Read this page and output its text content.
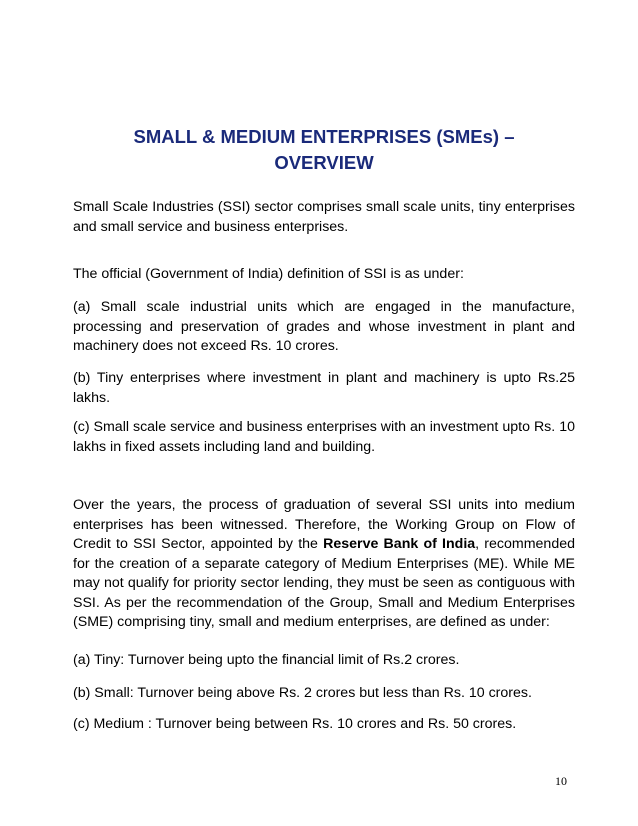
SMALL & MEDIUM ENTERPRISES (SMEs) –
OVERVIEW

Small Scale Industries (SSI) sector comprises small scale units, tiny enterprises and small service and business enterprises.

The official (Government of India) definition of SSI is as under:

(a) Small scale industrial units which are engaged in the manufacture, processing and preservation of grades and whose investment in plant and machinery does not exceed Rs. 10 crores.

(b) Tiny enterprises where investment in plant and machinery is upto Rs.25 lakhs.

(c) Small scale service and business enterprises with an investment upto Rs. 10 lakhs in fixed assets including land and building.

Over the years, the process of graduation of several SSI units into medium enterprises has been witnessed. Therefore, the Working Group on Flow of Credit to SSI Sector, appointed by the Reserve Bank of India, recommended for the creation of a separate category of Medium Enterprises (ME). While ME may not qualify for priority sector lending, they must be seen as contiguous with SSI. As per the recommendation of the Group, Small and Medium Enterprises (SME) comprising tiny, small and medium enterprises, are defined as under:

(a) Tiny: Turnover being upto the financial limit of Rs.2 crores.

(b) Small: Turnover being above Rs. 2 crores but less than Rs. 10 crores.

(c) Medium : Turnover being between Rs. 10 crores and Rs. 50 crores.

10
